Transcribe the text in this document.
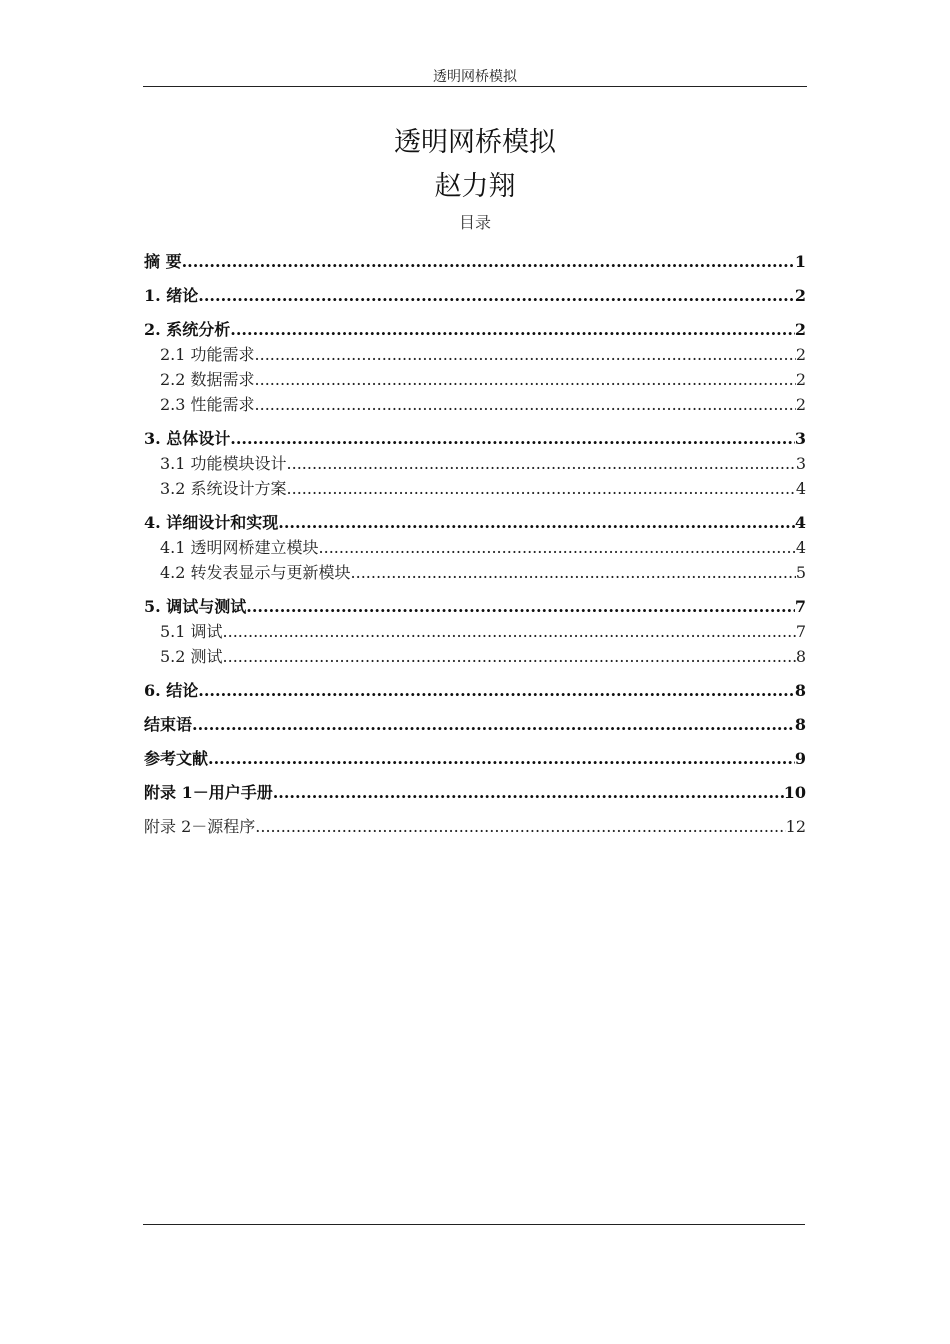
透明网桥模拟
透明网桥模拟
赵力翔
目录
摘 要 .....	1
1. 绪论 .....	2
2. 系统分析 .....	2
2.1 功能需求 .....	2
2.2 数据需求 .....	2
2.3 性能需求 .....	2
3. 总体设计 .....	3
3.1 功能模块设计 .....	3
3.2 系统设计方案 .....	4
4. 详细设计和实现 .....	4
4.1 透明网桥建立模块 .....	4
4.2 转发表显示与更新模块 .....	5
5. 调试与测试 .....	7
5.1 调试 .....	7
5.2 测试 .....	8
6. 结论 .....	8
结束语 .....	8
参考文献 .....	9
附录 1－用户手册 .....	10
附录 2－源程序 .....	12
